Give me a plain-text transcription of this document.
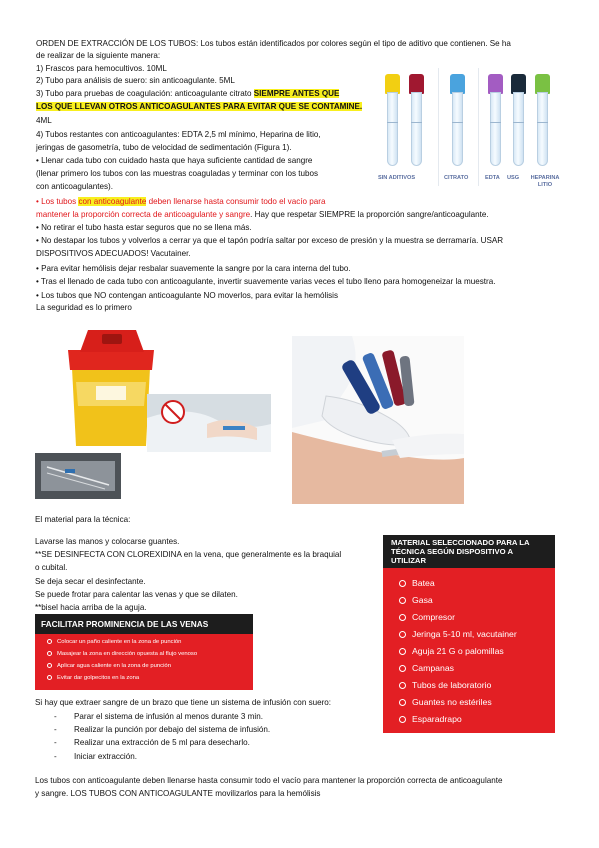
ORDEN DE EXTRACCIÓN DE LOS TUBOS: Los tubos están identificados por colores según el tipo de aditivo que contienen. Se ha
de realizar de la siguiente manera:
1) Frascos para hemocultivos. 10ML
2) Tubo para análisis de suero: sin anticoagulante. 5ML
3) Tubo para pruebas de coagulación: anticoagulante citrato SIEMPRE ANTES QUE
LOS QUE LLEVAN OTROS ANTICOAGULANTES PARA EVITAR QUE SE CONTAMINE.
4ML
4) Tubos restantes con anticoagulantes: EDTA 2,5 ml mínimo, Heparina de litio,
jeringas de gasometría, tubo de velocidad de sedimentación (Figura 1).
• Llenar cada tubo con cuidado hasta que haya suficiente cantidad de sangre
(llenar primero los tubos con las muestras coaguladas y terminar con los tubos
con anticoagulantes).
• Los tubos con anticoagulante deben llenarse hasta consumir todo el vacío para
mantener la proporción correcta de anticoagulante y sangre. Hay que respetar SIEMPRE la proporción sangre/anticoagulante.
• No retirar el tubo hasta estar seguros que no se llena más.
• No destapar los tubos y volverlos a cerrar ya que el tapón podría saltar por exceso de presión y la muestra se derramaría. USAR
DISPOSITIVOS ADECUADOS! Vacutainer.
• Para evitar hemólisis dejar resbalar suavemente la sangre por la cara interna del tubo.
• Tras el llenado de cada tubo con anticoagulante, invertir suavemente varias veces el tubo lleno para homogeneizar la muestra.
• Los tubos que NO contengan anticoagulante NO moverlos, para evitar la hemólisis
La seguridad es lo primero
SIN ADITIVOS	CITRATO	EDTA USG	HEPARINA LITIO
El material para la técnica:
Lavarse las manos y colocarse guantes.
**SE DESINFECTA CON CLOREXIDINA en la vena, que generalmente es la braquial
o cubital.
Se deja secar el desinfectante.
Se puede frotar para calentar las venas y que se dilaten.
**bisel hacia arriba de la aguja.
FACILITAR PROMINENCIA DE LAS VENAS
Colocar un paño caliente en la zona de punción
Masajear la zona en dirección opuesta al flujo venoso
Aplicar agua caliente en la zona de punción
Evitar dar golpecitos en la zona
MATERIAL SELECCIONADO PARA LA TÉCNICA SEGÚN DISPOSITIVO A UTILIZAR
Batea
Gasa
Compresor
Jeringa 5-10 ml, vacutainer
Aguja 21 G o palomillas
Campanas
Tubos de laboratorio
Guantes no estériles
Esparadrapo
Si hay que extraer sangre de un brazo que tiene un sistema de infusión con suero:
- Parar el sistema de infusión al menos durante 3 min.
- Realizar la punción por debajo del sistema de infusión.
- Realizar una extracción de 5 ml para desecharlo.
- Iniciar extracción.
Los tubos con anticoagulante deben llenarse hasta consumir todo el vacío para mantener la proporción correcta de anticoagulante
y sangre. LOS TUBOS CON ANTICOAGULANTE movilizarlos para la hemólisis
